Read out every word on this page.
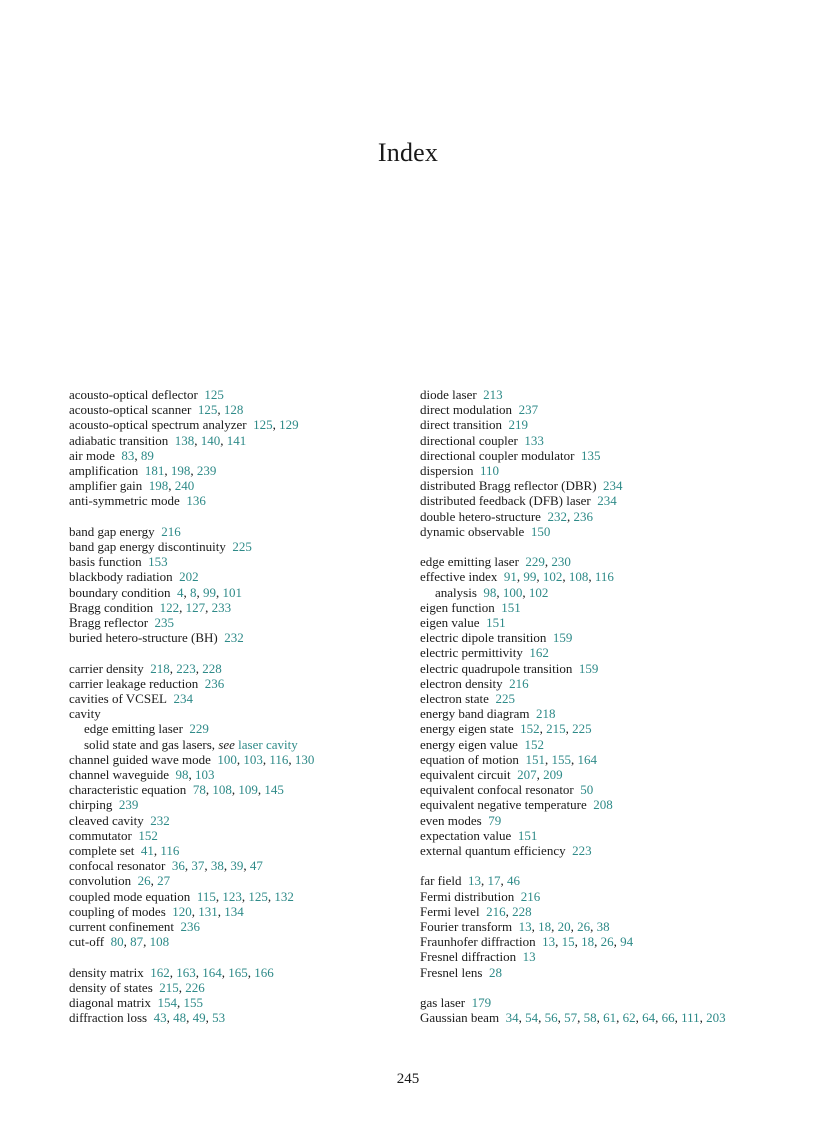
Index
acousto-optical deflector  125
acousto-optical scanner  125, 128
acousto-optical spectrum analyzer  125, 129
adiabatic transition  138, 140, 141
air mode  83, 89
amplification  181, 198, 239
amplifier gain  198, 240
anti-symmetric mode  136
band gap energy  216
band gap energy discontinuity  225
basis function  153
blackbody radiation  202
boundary condition  4, 8, 99, 101
Bragg condition  122, 127, 233
Bragg reflector  235
buried hetero-structure (BH)  232
carrier density  218, 223, 228
carrier leakage reduction  236
cavities of VCSEL  234
cavity
edge emitting laser  229
solid state and gas lasers, see laser cavity
channel guided wave mode  100, 103, 116, 130
channel waveguide  98, 103
characteristic equation  78, 108, 109, 145
chirping  239
cleaved cavity  232
commutator  152
complete set  41, 116
confocal resonator  36, 37, 38, 39, 47
convolution  26, 27
coupled mode equation  115, 123, 125, 132
coupling of modes  120, 131, 134
current confinement  236
cut-off  80, 87, 108
density matrix  162, 163, 164, 165, 166
density of states  215, 226
diagonal matrix  154, 155
diffraction loss  43, 48, 49, 53
diode laser  213
direct modulation  237
direct transition  219
directional coupler  133
directional coupler modulator  135
dispersion  110
distributed Bragg reflector (DBR)  234
distributed feedback (DFB) laser  234
double hetero-structure  232, 236
dynamic observable  150
edge emitting laser  229, 230
effective index  91, 99, 102, 108, 116
analysis  98, 100, 102
eigen function  151
eigen value  151
electric dipole transition  159
electric permittivity  162
electric quadrupole transition  159
electron density  216
electron state  225
energy band diagram  218
energy eigen state  152, 215, 225
energy eigen value  152
equation of motion  151, 155, 164
equivalent circuit  207, 209
equivalent confocal resonator  50
equivalent negative temperature  208
even modes  79
expectation value  151
external quantum efficiency  223
far field  13, 17, 46
Fermi distribution  216
Fermi level  216, 228
Fourier transform  13, 18, 20, 26, 38
Fraunhofer diffraction  13, 15, 18, 26, 94
Fresnel diffraction  13
Fresnel lens  28
gas laser  179
Gaussian beam  34, 54, 56, 57, 58, 61, 62, 64, 66, 111, 203
245
